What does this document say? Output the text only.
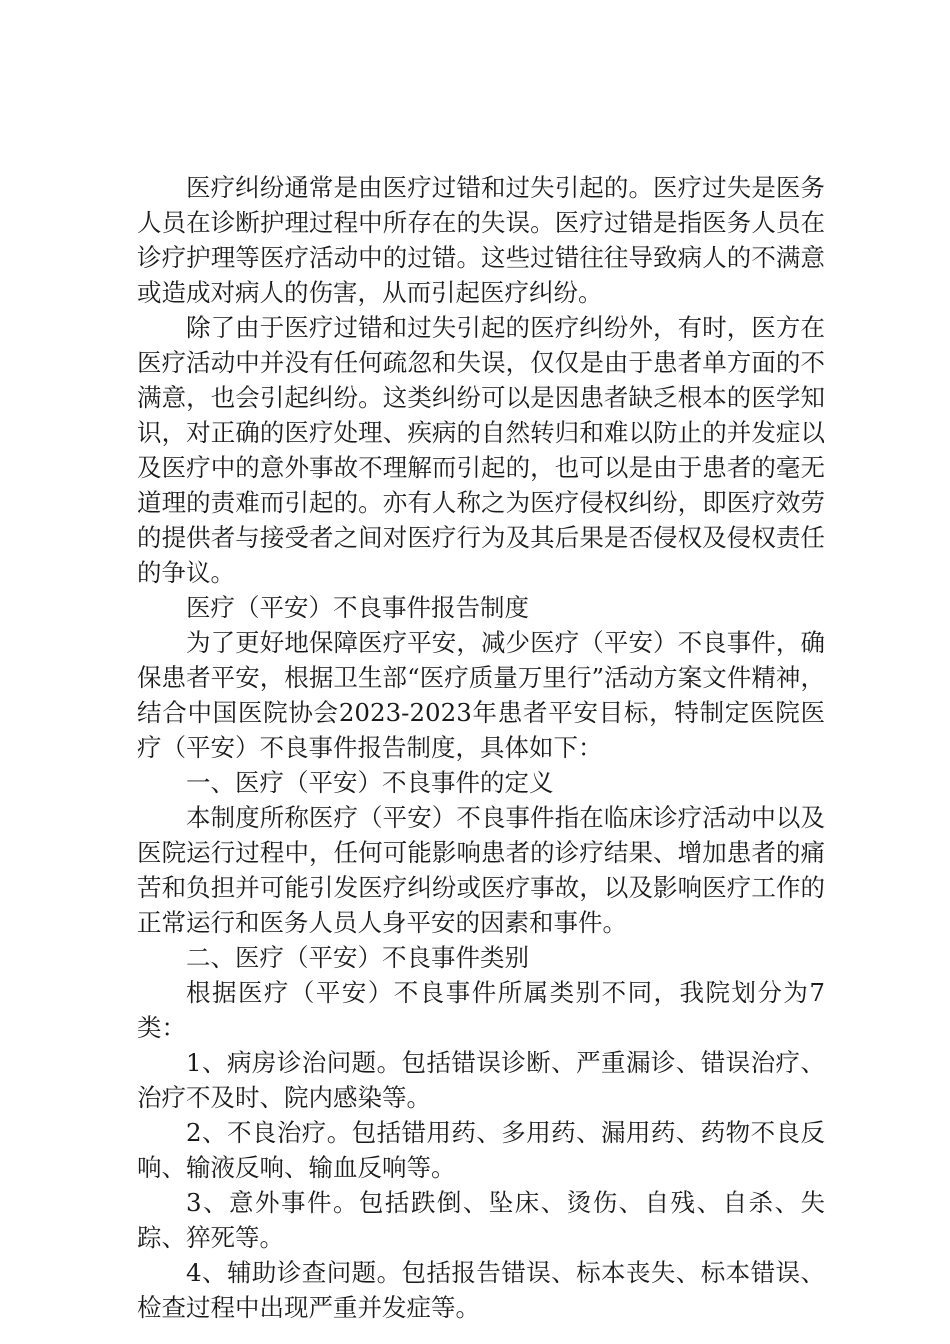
医疗纠纷通常是由医疗过错和过失引起的。医疗过失是医务人员在诊断护理过程中所存在的失误。医疗过错是指医务人员在诊疗护理等医疗活动中的过错。这些过错往往导致病人的不满意或造成对病人的伤害，从而引起医疗纠纷。

除了由于医疗过错和过失引起的医疗纠纷外，有时，医方在医疗活动中并没有任何疏忽和失误，仅仅是由于患者单方面的不满意，也会引起纠纷。这类纠纷可以是因患者缺乏根本的医学知识，对正确的医疗处理、疾病的自然转归和难以防止的并发症以及医疗中的意外事故不理解而引起的，也可以是由于患者的毫无道理的责难而引起的。亦有人称之为医疗侵权纠纷，即医疗效劳的提供者与接受者之间对医疗行为及其后果是否侵权及侵权责任的争议。

医疗（平安）不良事件报告制度

为了更好地保障医疗平安，减少医疗（平安）不良事件，确保患者平安，根据卫生部“医疗质量万里行”活动方案文件精神，结合中国医院协会2023-2023年患者平安目标，特制定医院医疗（平安）不良事件报告制度，具体如下：

一、医疗（平安）不良事件的定义

本制度所称医疗（平安）不良事件指在临床诊疗活动中以及医院运行过程中，任何可能影响患者的诊疗结果、增加患者的痛苦和负担并可能引发医疗纠纷或医疗事故，以及影响医疗工作的正常运行和医务人员人身平安的因素和事件。

二、医疗（平安）不良事件类别

根据医疗（平安）不良事件所属类别不同，我院划分为7类：

1、病房诊治问题。包括错误诊断、严重漏诊、错误治疗、治疗不及时、院内感染等。

2、不良治疗。包括错用药、多用药、漏用药、药物不良反响、输液反响、输血反响等。

3、意外事件。包括跌倒、坠床、烫伤、自残、自杀、失踪、猝死等。

4、辅助诊查问题。包括报告错误、标本丧失、标本错误、检查过程中出现严重并发症等。
